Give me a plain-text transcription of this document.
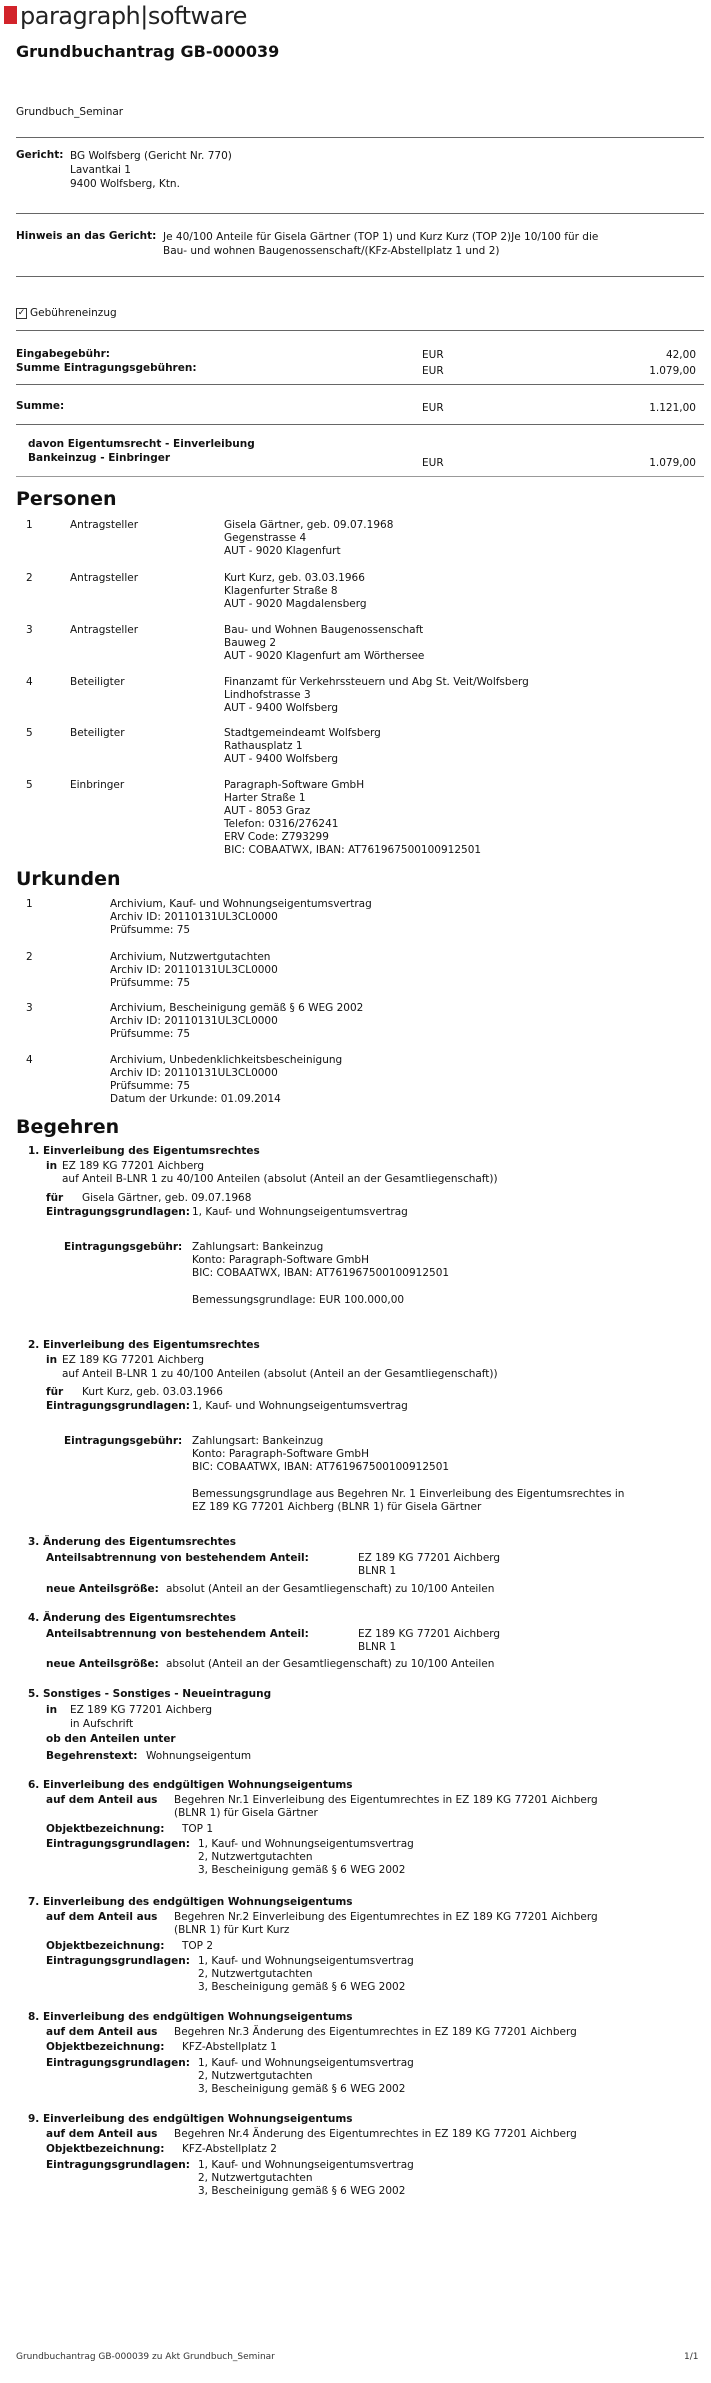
paragraph|software
Grundbuchantrag GB-000039
Grundbuch_Seminar
Gericht: BG Wolfsberg (Gericht Nr. 770)
Lavantkai 1
9400 Wolfsberg, Ktn.
Hinweis an das Gericht: Je 40/100 Anteile für Gisela Gärtner (TOP 1) und Kurz Kurz (TOP 2)Je 10/100 für die
Bau- und wohnen Baugenossenschaft/(KFz-Abstellplatz 1 und 2)
✓ Gebühreneinzug
Eingabegebühr:	EUR	42,00
Summe Eintragungsgebühren:	EUR	1.079,00
Summe:	EUR	1.121,00
davon Eigentumsrecht - Einverleibung
Bankeinzug - Einbringer	EUR	1.079,00
Personen
1	Antragsteller	Gisela Gärtner, geb. 09.07.1968
Gegenstrasse 4
AUT - 9020 Klagenfurt
2	Antragsteller	Kurt Kurz, geb. 03.03.1966
Klagenfurter Straße 8
AUT - 9020 Magdalensberg
3	Antragsteller	Bau- und Wohnen Baugenossenschaft
Bauweg 2
AUT - 9020 Klagenfurt am Wörthersee
4	Beteiligter	Finanzamt für Verkehrssteuern und Abg St. Veit/Wolfsberg
Lindhofstrasse 3
AUT - 9400 Wolfsberg
5	Beteiligter	Stadtgemeindeamt Wolfsberg
Rathausplatz 1
AUT - 9400 Wolfsberg
5	Einbringer	Paragraph-Software GmbH
Harter Straße 1
AUT - 8053 Graz
Telefon: 0316/276241
ERV Code: Z793299
BIC: COBAATWX, IBAN: AT761967500100912501
Urkunden
1	Archivium, Kauf- und Wohnungseigentumsvertrag
Archiv ID: 20110131UL3CL0000
Prüfsumme: 75
2	Archivium, Nutzwertgutachten
Archiv ID: 20110131UL3CL0000
Prüfsumme: 75
3	Archivium, Bescheinigung gemäß § 6 WEG 2002
Archiv ID: 20110131UL3CL0000
Prüfsumme: 75
4	Archivium, Unbedenklichkeitsbescheinigung
Archiv ID: 20110131UL3CL0000
Prüfsumme: 75
Datum der Urkunde: 01.09.2014
Begehren
1. Einverleibung des Eigentumsrechtes
in EZ 189 KG 77201 Aichberg
auf Anteil B-LNR 1 zu 40/100 Anteilen (absolut (Anteil an der Gesamtliegenschaft))
für Gisela Gärtner, geb. 09.07.1968
Eintragungsgrundlagen: 1, Kauf- und Wohnungseigentumsvertrag
Eintragungsgebühr: Zahlungsart: Bankeinzug
Konto: Paragraph-Software GmbH
BIC: COBAATWX, IBAN: AT761967500100912501
Bemessungsgrundlage: EUR 100.000,00
2. Einverleibung des Eigentumsrechtes
in EZ 189 KG 77201 Aichberg
auf Anteil B-LNR 1 zu 40/100 Anteilen (absolut (Anteil an der Gesamtliegenschaft))
für Kurt Kurz, geb. 03.03.1966
Eintragungsgrundlagen: 1, Kauf- und Wohnungseigentumsvertrag
Eintragungsgebühr: Zahlungsart: Bankeinzug
Konto: Paragraph-Software GmbH
BIC: COBAATWX, IBAN: AT761967500100912501
Bemessungsgrundlage aus Begehren Nr. 1 Einverleibung des Eigentumsrechtes in
EZ 189 KG 77201 Aichberg (BLNR 1) für Gisela Gärtner
3. Änderung des Eigentumsrechtes
Anteilsabtrennung von bestehendem Anteil:	EZ 189 KG 77201 Aichberg
BLNR 1
neue Anteilsgröße: absolut (Anteil an der Gesamtliegenschaft) zu 10/100 Anteilen
4. Änderung des Eigentumsrechtes
Anteilsabtrennung von bestehendem Anteil:	EZ 189 KG 77201 Aichberg
BLNR 1
neue Anteilsgröße: absolut (Anteil an der Gesamtliegenschaft) zu 10/100 Anteilen
5. Sonstiges - Sonstiges - Neueintragung
in EZ 189 KG 77201 Aichberg
in Aufschrift
ob den Anteilen unter
Begehrenstext: Wohnungseigentum
6. Einverleibung des endgültigen Wohnungseigentums
auf dem Anteil aus Begehren Nr.1 Einverleibung des Eigentumrechtes in EZ 189 KG 77201 Aichberg
(BLNR 1) für Gisela Gärtner
Objektbezeichnung: TOP 1
Eintragungsgrundlagen: 1, Kauf- und Wohnungseigentumsvertrag
2, Nutzwertgutachten
3, Bescheinigung gemäß § 6 WEG 2002
7. Einverleibung des endgültigen Wohnungseigentums
auf dem Anteil aus Begehren Nr.2 Einverleibung des Eigentumrechtes in EZ 189 KG 77201 Aichberg
(BLNR 1) für Kurt Kurz
Objektbezeichnung: TOP 2
Eintragungsgrundlagen: 1, Kauf- und Wohnungseigentumsvertrag
2, Nutzwertgutachten
3, Bescheinigung gemäß § 6 WEG 2002
8. Einverleibung des endgültigen Wohnungseigentums
auf dem Anteil aus Begehren Nr.3 Änderung des Eigentumrechtes in EZ 189 KG 77201 Aichberg
Objektbezeichnung: KFZ-Abstellplatz 1
Eintragungsgrundlagen: 1, Kauf- und Wohnungseigentumsvertrag
2, Nutzwertgutachten
3, Bescheinigung gemäß § 6 WEG 2002
9. Einverleibung des endgültigen Wohnungseigentums
auf dem Anteil aus Begehren Nr.4 Änderung des Eigentumrechtes in EZ 189 KG 77201 Aichberg
Objektbezeichnung: KFZ-Abstellplatz 2
Eintragungsgrundlagen: 1, Kauf- und Wohnungseigentumsvertrag
2, Nutzwertgutachten
3, Bescheinigung gemäß § 6 WEG 2002
Grundbuchantrag GB-000039 zu Akt Grundbuch_Seminar	1/1
